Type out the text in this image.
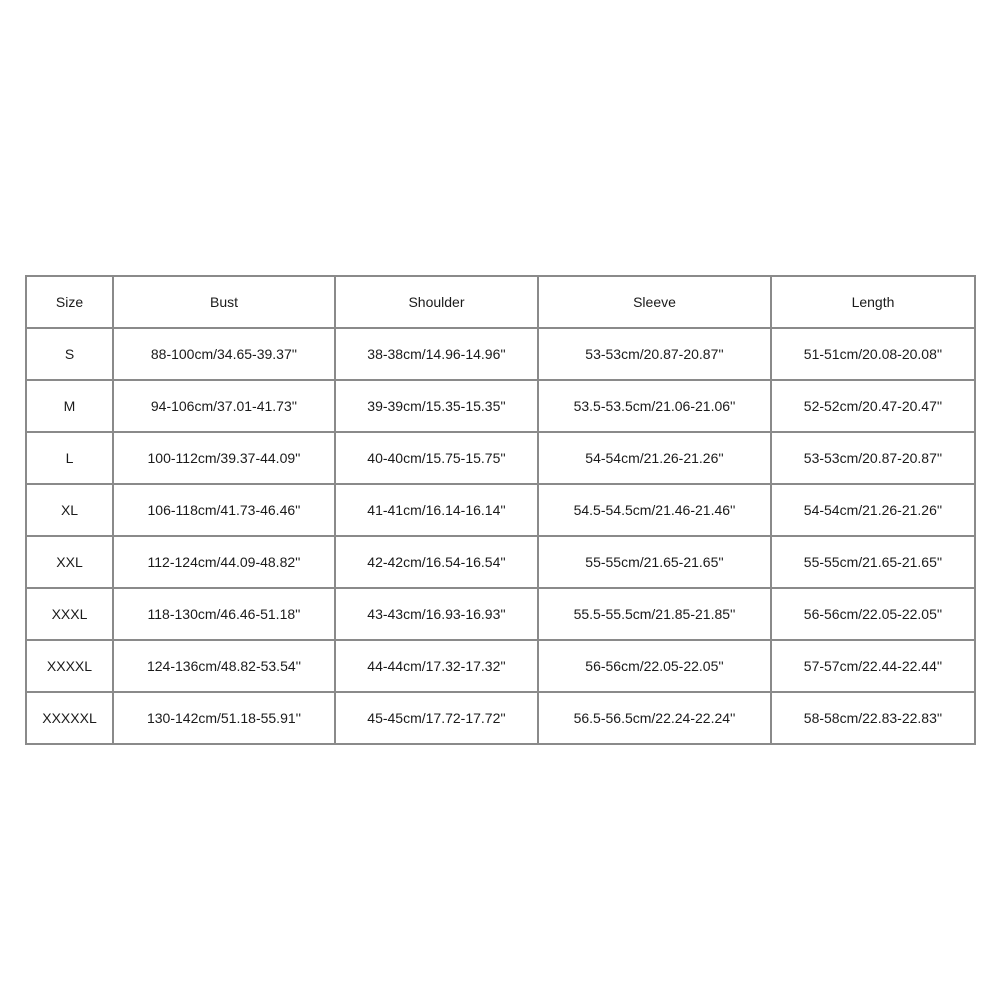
Size	Bust	Shoulder	Sleeve	Length
S	88-100cm/34.65-39.37''	38-38cm/14.96-14.96''	53-53cm/20.87-20.87''	51-51cm/20.08-20.08''
M	94-106cm/37.01-41.73''	39-39cm/15.35-15.35''	53.5-53.5cm/21.06-21.06''	52-52cm/20.47-20.47''
L	100-112cm/39.37-44.09''	40-40cm/15.75-15.75''	54-54cm/21.26-21.26''	53-53cm/20.87-20.87''
XL	106-118cm/41.73-46.46''	41-41cm/16.14-16.14''	54.5-54.5cm/21.46-21.46''	54-54cm/21.26-21.26''
XXL	112-124cm/44.09-48.82''	42-42cm/16.54-16.54''	55-55cm/21.65-21.65''	55-55cm/21.65-21.65''
XXXL	118-130cm/46.46-51.18''	43-43cm/16.93-16.93''	55.5-55.5cm/21.85-21.85''	56-56cm/22.05-22.05''
XXXXL	124-136cm/48.82-53.54''	44-44cm/17.32-17.32''	56-56cm/22.05-22.05''	57-57cm/22.44-22.44''
XXXXXL	130-142cm/51.18-55.91''	45-45cm/17.72-17.72''	56.5-56.5cm/22.24-22.24''	58-58cm/22.83-22.83''
